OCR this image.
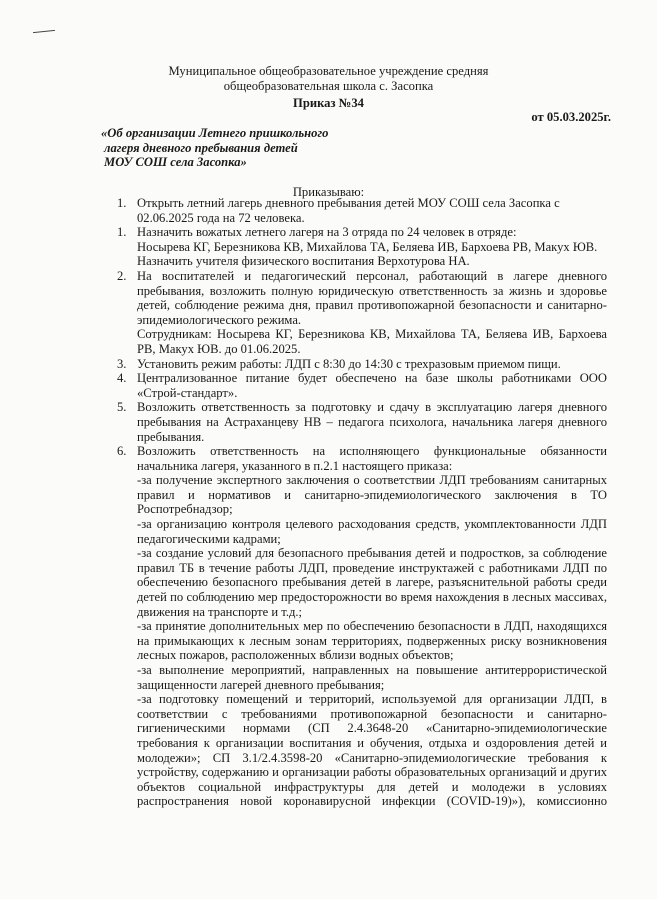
Муниципальное общеобразовательное учреждение средняя
общеобразовательная школа с. Засопка
Приказ №34
от 05.03.2025г.
«Об организации Летнего пришкольного
лагеря дневного пребывания детей
МОУ СОШ села Засопка»
Приказываю:
1. Открыть летний лагерь дневного пребывания детей МОУ СОШ села Засопка с 02.06.2025 года на 72 человека.

1. Назначить вожатых летнего лагеря на 3 отряда по 24 человек в отряде:

Носырева КГ, Березникова КВ, Михайлова ТА, Беляева ИВ, Бархоева РВ, Макух ЮВ.

Назначить учителя физического воспитания Верхотурова НА.

2. На воспитателей и педагогический персонал, работающий в лагере дневного пребывания, возложить полную юридическую ответственность за жизнь и здоровье детей, соблюдение режима дня, правил противопожарной безопасности и санитарно-эпидемиологического режима.

Сотрудникам: Носырева КГ, Березникова КВ, Михайлова ТА, Беляева ИВ, Бархоева РВ, Макух ЮВ. до 01.06.2025.

3. Установить режим работы: ЛДП с 8:30 до 14:30 с трехразовым приемом пищи.

4. Централизованное питание будет обеспечено на базе школы работниками ООО «Строй-стандарт».

5. Возложить ответственность за подготовку и сдачу в эксплуатацию лагеря дневного пребывания на Астраханцеву НВ – педагога психолога, начальника лагеря дневного пребывания.

6. Возложить ответственность на исполняющего функциональные обязанности начальника лагеря, указанного в п.2.1 настоящего приказа:

-за получение экспертного заключения о соответствии ЛДП требованиям санитарных правил и нормативов и санитарно-эпидемиологического заключения в ТО Роспотребнадзор;

-за организацию контроля целевого расходования средств, укомплектованности ЛДП педагогическими кадрами;

-за создание условий для безопасного пребывания детей и подростков, за соблюдение правил ТБ в течение работы ЛДП, проведение инструктажей с работниками ЛДП по обеспечению безопасного пребывания детей в лагере, разъяснительной работы среди детей по соблюдению мер предосторожности во время нахождения в лесных массивах, движения на транспорте и т.д.;

-за принятие дополнительных мер по обеспечению безопасности в ЛДП, находящихся на примыкающих к лесным зонам территориях, подверженных риску возникновения лесных пожаров, расположенных вблизи водных объектов;

-за выполнение мероприятий, направленных на повышение антитеррористической защищенности лагерей дневного пребывания;

-за подготовку помещений и территорий, используемой для организации ЛДП, в соответствии с требованиями противопожарной безопасности и санитарно-гигиеническими нормами (СП 2.4.3648-20 «Санитарно-эпидемиологические требования к организации воспитания и обучения, отдыха и оздоровления детей и молодежи»; СП 3.1/2.4.3598-20 «Санитарно-эпидемиологические требования к устройству, содержанию и организации работы образовательных организаций и других объектов социальной инфраструктуры для детей и молодежи в условиях распространения новой коронавирусной инфекции (COVID-19)»), комиссионно
